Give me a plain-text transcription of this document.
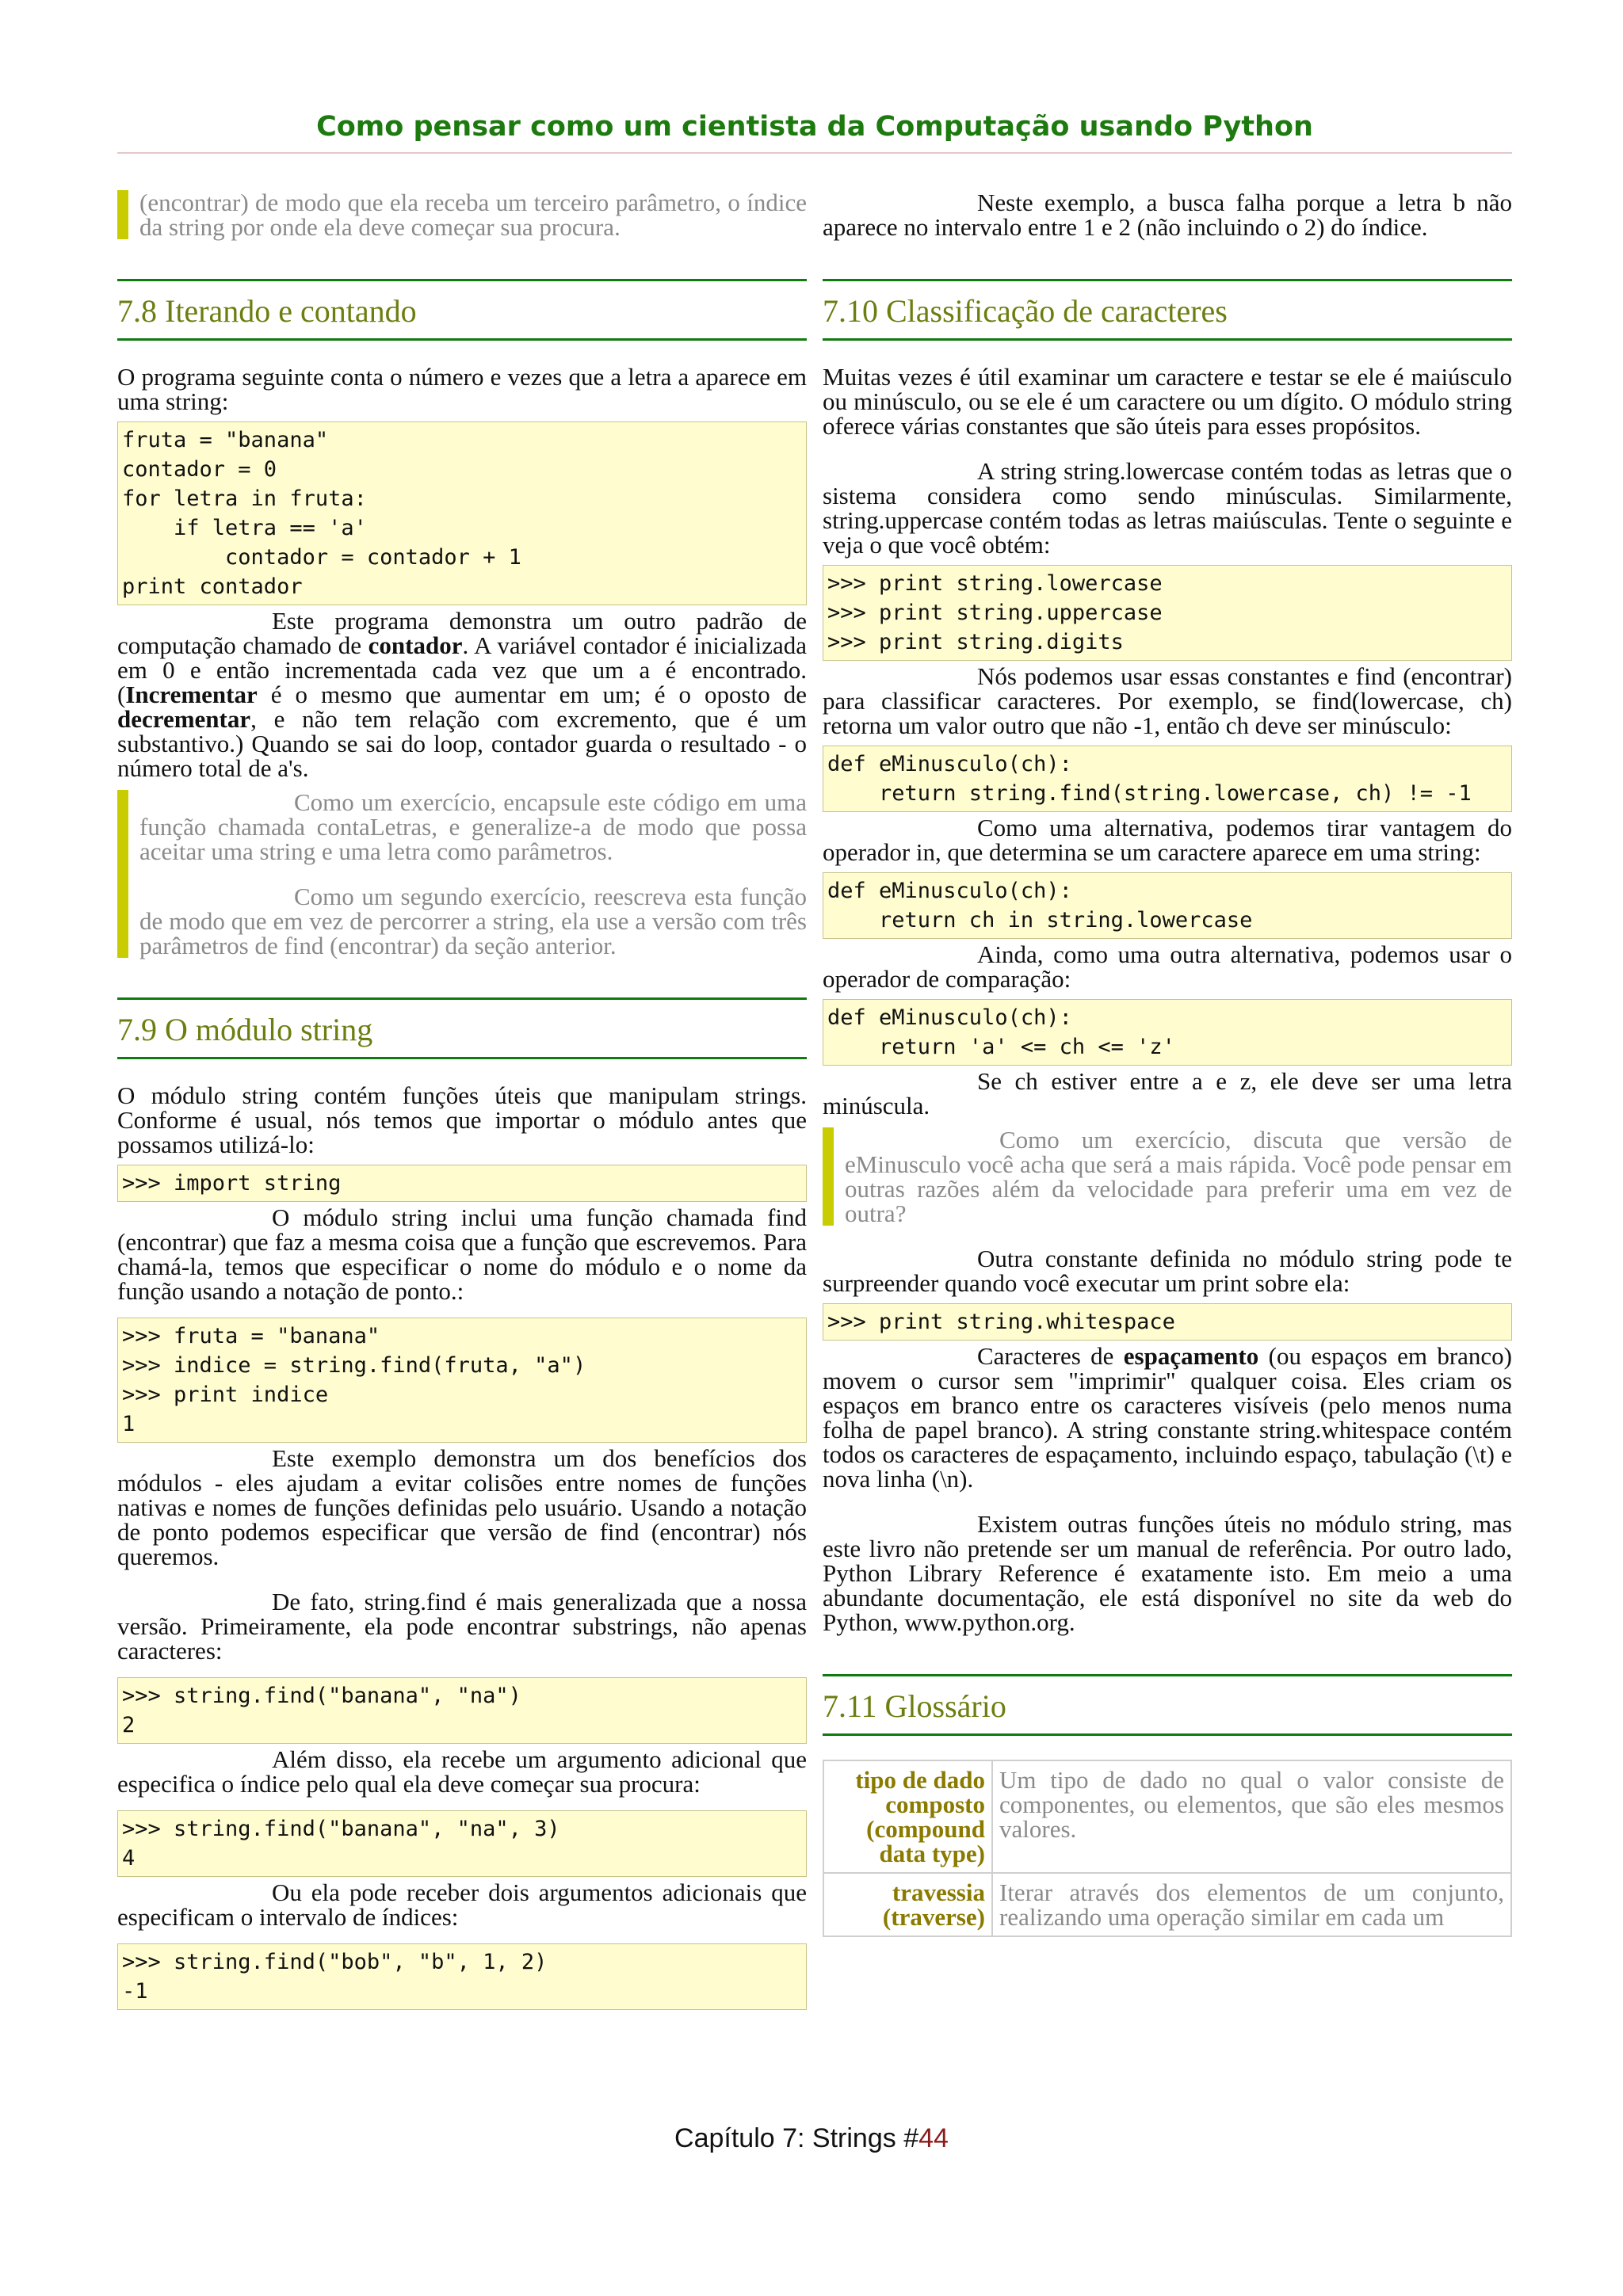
Como pensar como um cientista da Computação usando Python

(encontrar) de modo que ela receba um terceiro parâmetro, o índice da string por onde ela deve começar sua procura.

7.8 Iterando e contando

O programa seguinte conta o número e vezes que a letra a aparece em uma string:

fruta = "banana"
contador = 0
for letra in fruta:
if letra == 'a'
contador = contador + 1
print contador

Este programa demonstra um outro padrão de computação chamado de contador. A variável contador é inicializada em 0 e então incrementada cada vez que um a é encontrado. (Incrementar é o mesmo que aumentar em um; é o oposto de decrementar, e não tem relação com excremento, que é um substantivo.) Quando se sai do loop, contador guarda o resultado - o número total de a's.

Como um exercício, encapsule este código em uma função chamada contaLetras, e generalize-a de modo que possa aceitar uma string e uma letra como parâmetros.

Como um segundo exercício, reescreva esta função de modo que em vez de percorrer a string, ela use a versão com três parâmetros de find (encontrar) da seção anterior.

7.9 O módulo string

O módulo string contém funções úteis que manipulam strings. Conforme é usual, nós temos que importar o módulo antes que possamos utilizá-lo:

>>> import string

O módulo string inclui uma função chamada find (encontrar) que faz a mesma coisa que a função que escrevemos. Para chamá-la, temos que especificar o nome do módulo e o nome da função usando a notação de ponto.:

>>> fruta = "banana"
>>> indice = string.find(fruta, "a")
>>> print indice
1

Este exemplo demonstra um dos benefícios dos módulos - eles ajudam a evitar colisões entre nomes de funções nativas e nomes de funções definidas pelo usuário. Usando a notação de ponto podemos especificar que versão de find (encontrar) nós queremos.

De fato, string.find é mais generalizada que a nossa versão. Primeiramente, ela pode encontrar substrings, não apenas caracteres:

>>> string.find("banana", "na")
2

Além disso, ela recebe um argumento adicional que especifica o índice pelo qual ela deve começar sua procura:

>>> string.find("banana", "na", 3)
4

Ou ela pode receber dois argumentos adicionais que especificam o intervalo de índices:

>>> string.find("bob", "b", 1, 2)
-1

Neste exemplo, a busca falha porque a letra b não aparece no intervalo entre 1 e 2 (não incluindo o 2) do índice.

7.10 Classificação de caracteres

Muitas vezes é útil examinar um caractere e testar se ele é maiúsculo ou minúsculo, ou se ele é um caractere ou um dígito. O módulo string oferece várias constantes que são úteis para esses propósitos.

A string string.lowercase contém todas as letras que o sistema considera como sendo minúsculas. Similarmente, string.uppercase contém todas as letras maiúsculas. Tente o seguinte e veja o que você obtém:

>>> print string.lowercase
>>> print string.uppercase
>>> print string.digits

Nós podemos usar essas constantes e find (encontrar) para classificar caracteres. Por exemplo, se find(lowercase, ch) retorna um valor outro que não -1, então ch deve ser minúsculo:

def eMinusculo(ch):
return string.find(string.lowercase, ch) != -1

Como uma alternativa, podemos tirar vantagem do operador in, que determina se um caractere aparece em uma string:

def eMinusculo(ch):
return ch in string.lowercase

Ainda, como uma outra alternativa, podemos usar o operador de comparação:

def eMinusculo(ch):
return 'a' <= ch <= 'z'

Se ch estiver entre a e z, ele deve ser uma letra minúscula.

Como um exercício, discuta que versão de eMinusculo você acha que será a mais rápida. Você pode pensar em outras razões além da velocidade para preferir uma em vez de outra?

Outra constante definida no módulo string pode te surpreender quando você executar um print sobre ela:

>>> print string.whitespace

Caracteres de espaçamento (ou espaços em branco) movem o cursor sem "imprimir" qualquer coisa. Eles criam os espaços em branco entre os caracteres visíveis (pelo menos numa folha de papel branco). A string constante string.whitespace contém todos os caracteres de espaçamento, incluindo espaço, tabulação (\t) e nova linha (\n).

Existem outras funções úteis no módulo string, mas este livro não pretende ser um manual de referência. Por outro lado, Python Library Reference é exatamente isto. Em meio a uma abundante documentação, ele está disponível no site da web do Python, www.python.org.

7.11 Glossário
tipo de dado composto (compound data type)	Um tipo de dado no qual o valor consiste de componentes, ou elementos, que são eles mesmos valores.
travessia (traverse)	Iterar através dos elementos de um conjunto, realizando uma operação similar em cada um
Capítulo 7: Strings #44
